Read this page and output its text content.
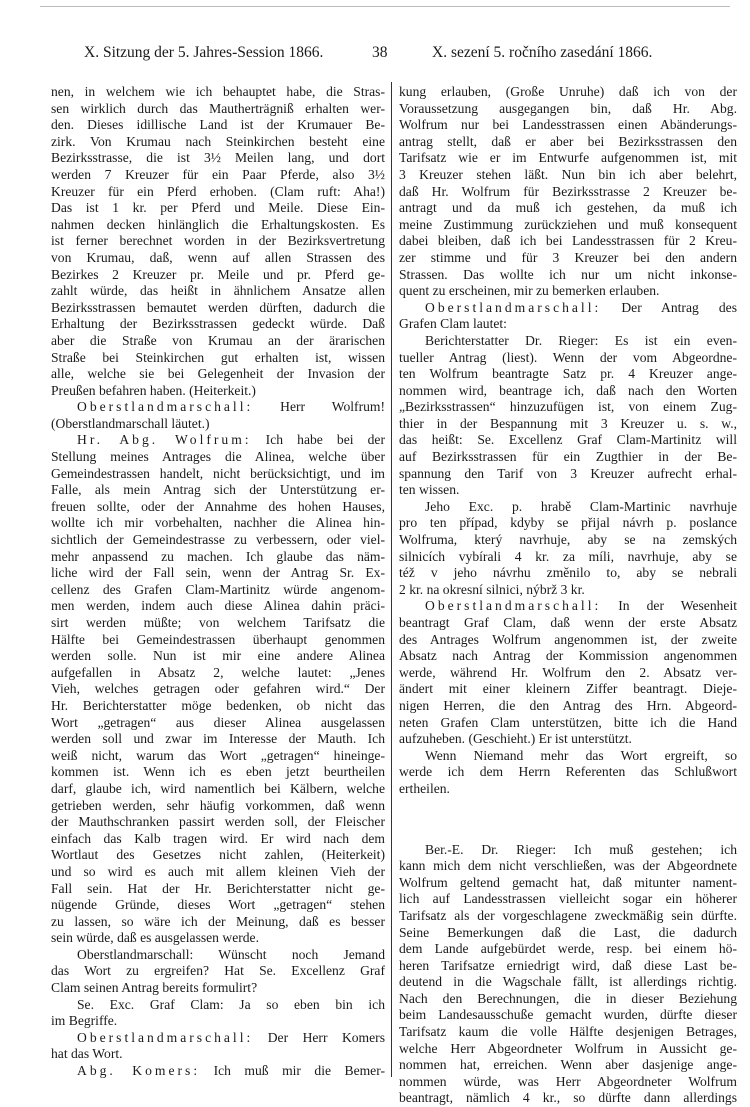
X. Sitzung der 5. Jahres-Session 1866.	38	X. sezení 5. ročního zasedání 1866.
nen, in welchem wie ich behauptet habe, die Stras-
sen wirklich durch das Mautherträgniß erhalten wer-
den. Dieses idillische Land ist der Krumauer Be-
zirk. Von Krumau nach Steinkirchen besteht eine
Bezirksstrasse, die ist 3½ Meilen lang, und dort
werden 7 Kreuzer für ein Paar Pferde, also 3½
Kreuzer für ein Pferd erhoben. (Clam ruft: Aha!)
Das ist 1 kr. per Pferd und Meile. Diese Ein-
nahmen decken hinlänglich die Erhaltungskosten. Es
ist ferner berechnet worden in der Bezirksvertretung
von Krumau, daß, wenn auf allen Strassen des
Bezirkes 2 Kreuzer pr. Meile und pr. Pferd ge-
zahlt würde, das heißt in ähnlichem Ansatze allen
Bezirksstrassen bemautet werden dürften, dadurch die
Erhaltung der Bezirksstrassen gedeckt würde. Daß
aber die Straße von Krumau an der ärarischen
Straße bei Steinkirchen gut erhalten ist, wissen
alle, welche sie bei Gelegenheit der Invasion der
Preußen befahren haben. (Heiterkeit.)
Oberstlandmarschall: Herr Wolfrum!
(Oberstlandmarschall läutet.)
Hr. Abg. Wolfrum: Ich habe bei der
Stellung meines Antrages die Alinea, welche über
Gemeindestrassen handelt, nicht berücksichtigt, und im
Falle, als mein Antrag sich der Unterstützung er-
freuen sollte, oder der Annahme des hohen Hauses,
wollte ich mir vorbehalten, nachher die Alinea hin-
sichtlich der Gemeindestrasse zu verbessern, oder viel-
mehr anpassend zu machen. Ich glaube das näm-
liche wird der Fall sein, wenn der Antrag Sr. Ex-
cellenz des Grafen Clam-Martinitz würde angenom-
men werden, indem auch diese Alinea dahin präci-
sirt werden müßte; von welchem Tarifsatz die
Hälfte bei Gemeindestrassen überhaupt genommen
werden solle. Nun ist mir eine andere Alinea
aufgefallen in Absatz 2, welche lautet: „Jenes
Vieh, welches getragen oder gefahren wird.“ Der
Hr. Berichterstatter möge bedenken, ob nicht das
Wort „getragen“ aus dieser Alinea ausgelassen
werden soll und zwar im Interesse der Mauth. Ich
weiß nicht, warum das Wort „getragen“ hineinge-
kommen ist. Wenn ich es eben jetzt beurtheilen
darf, glaube ich, wird namentlich bei Kälbern, welche
getrieben werden, sehr häufig vorkommen, daß wenn
der Mauthschranken passirt werden soll, der Fleischer
einfach das Kalb tragen wird. Er wird nach dem
Wortlaut des Gesetzes nicht zahlen, (Heiterkeit)
und so wird es auch mit allem kleinen Vieh der
Fall sein. Hat der Hr. Berichterstatter nicht ge-
nügende Gründe, dieses Wort „getragen“ stehen
zu lassen, so wäre ich der Meinung, daß es besser
sein würde, daß es ausgelassen werde.
Oberstlandmarschall: Wünscht noch Jemand
das Wort zu ergreifen? Hat Se. Excellenz Graf
Clam seinen Antrag bereits formulirt?
Se. Exc. Graf Clam: Ja so eben bin ich
im Begriffe.
Oberstlandmarschall: Der Herr Komers
hat das Wort.
Abg. Komers: Ich muß mir die Bemer-
kung erlauben, (Große Unruhe) daß ich von der
Voraussetzung ausgegangen bin, daß Hr. Abg.
Wolfrum nur bei Landesstrassen einen Abänderungs-
antrag stellt, daß er aber bei Bezirksstrassen den
Tarifsatz wie er im Entwurfe aufgenommen ist, mit
3 Kreuzer stehen läßt. Nun bin ich aber belehrt,
daß Hr. Wolfrum für Bezirksstrasse 2 Kreuzer be-
antragt und da muß ich gestehen, da muß ich
meine Zustimmung zurückziehen und muß konsequent
dabei bleiben, daß ich bei Landesstrassen für 2 Kreu-
zer stimme und für 3 Kreuzer bei den andern
Strassen. Das wollte ich nur um nicht inkonse-
quent zu erscheinen, mir zu bemerken erlauben.
Oberstlandmarschall: Der Antrag des
Grafen Clam lautet:
Berichterstatter Dr. Rieger: Es ist ein even-
tueller Antrag (liest). Wenn der vom Abgeordne-
ten Wolfrum beantragte Satz pr. 4 Kreuzer ange-
nommen wird, beantrage ich, daß nach den Worten
„Bezirksstrassen“ hinzuzufügen ist, von einem Zug-
thier in der Bespannung mit 3 Kreuzer u. s. w.,
das heißt: Se. Excellenz Graf Clam-Martinitz will
auf Bezirksstrassen für ein Zugthier in der Be-
spannung den Tarif von 3 Kreuzer aufrecht erhal-
ten wissen.
Jeho Exc. p. hrabě Clam-Martinic navrhuje
pro ten případ, kdyby se přijal návrh p. poslance
Wolfruma, který navrhuje, aby se na zemských
silnicích vybírali 4 kr. za míli, navrhuje, aby se
též v jeho návrhu změnilo to, aby se nebrali
2 kr. na okresní silnici, nýbrž 3 kr.
Oberstlandmarschall: In der Wesenheit
beantragt Graf Clam, daß wenn der erste Absatz
des Antrages Wolfrum angenommen ist, der zweite
Absatz nach Antrag der Kommission angenommen
werde, während Hr. Wolfrum den 2. Absatz ver-
ändert mit einer kleinern Ziffer beantragt. Dieje-
nigen Herren, die den Antrag des Hrn. Abgeord-
neten Grafen Clam unterstützen, bitte ich die Hand
aufzuheben. (Geschieht.) Er ist unterstützt.
Wenn Niemand mehr das Wort ergreift, so
werde ich dem Herrn Referenten das Schlußwort
ertheilen.
Ber.-E. Dr. Rieger: Ich muß gestehen; ich
kann mich dem nicht verschließen, was der Abgeordnete
Wolfrum geltend gemacht hat, daß mitunter nament-
lich auf Landesstrassen vielleicht sogar ein höherer
Tarifsatz als der vorgeschlagene zweckmäßig sein dürfte.
Seine Bemerkungen daß die Last, die dadurch
dem Lande aufgebürdet werde, resp. bei einem hö-
heren Tarifsatze erniedrigt wird, daß diese Last be-
deutend in die Wagschale fällt, ist allerdings richtig.
Nach den Berechnungen, die in dieser Beziehung
beim Landesausschuße gemacht wurden, dürfte dieser
Tarifsatz kaum die volle Hälfte desjenigen Betrages,
welche Herr Abgeordneter Wolfrum in Aussicht ge-
nommen hat, erreichen. Wenn aber dasjenige ange-
nommen würde, was Herr Abgeordneter Wolfrum
beantragt, nämlich 4 kr., so dürfte dann allerdings
